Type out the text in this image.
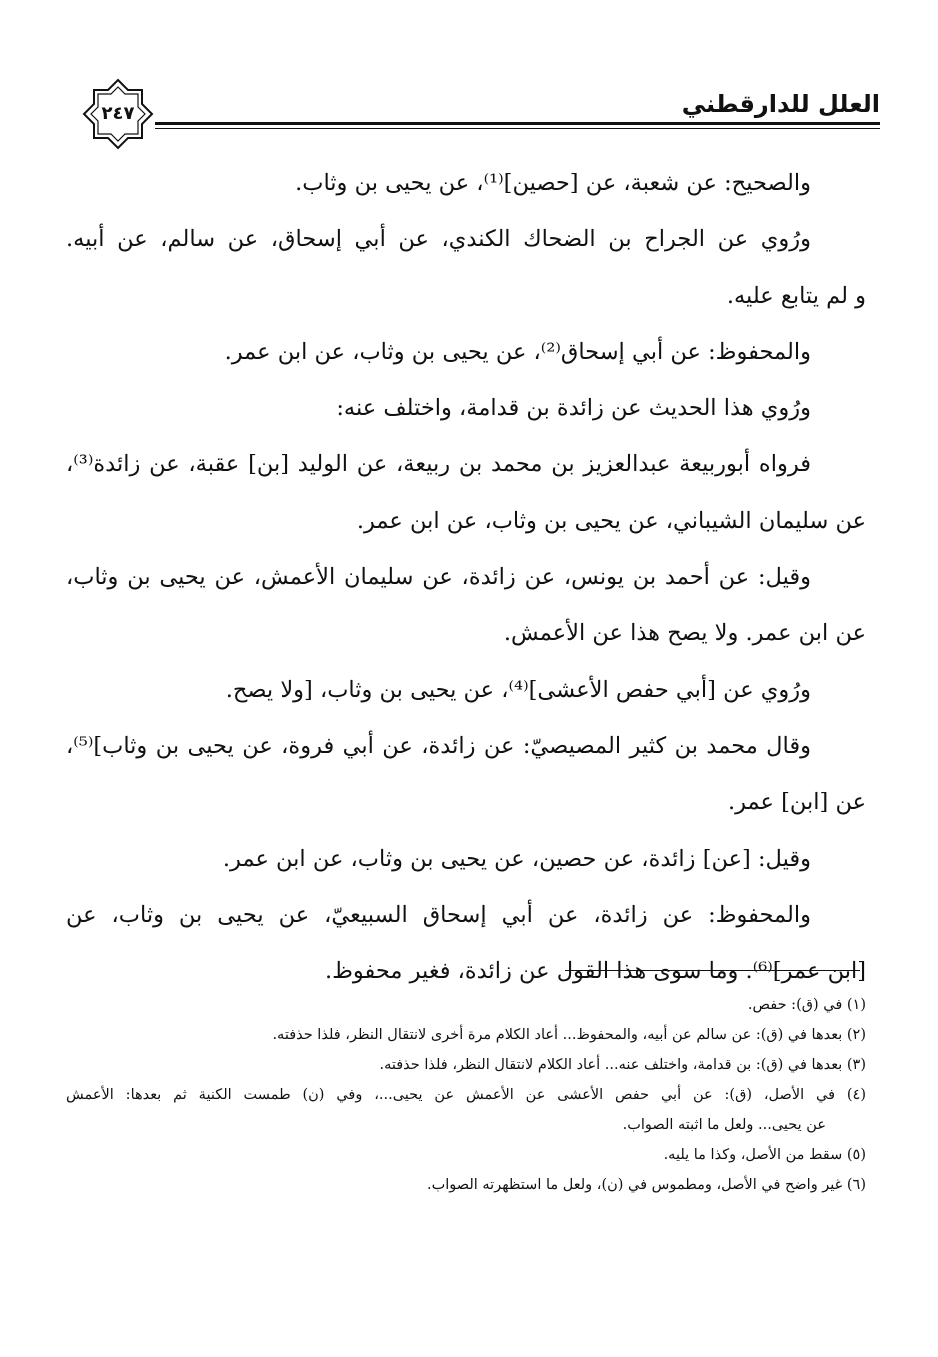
العلل للدارقطني
٢٤٧
والصحيح: عن شعبة، عن [حصين]⁽¹⁾، عن يحيى بن وثاب.
ورُوي عن الجراح بن الضحاك الكندي، عن أبي إسحاق، عن سالم، عن أبيه.
و لم يتابع عليه.
والمحفوظ: عن أبي إسحاق⁽²⁾، عن يحيى بن وثاب، عن ابن عمر.
ورُوي هذا الحديث عن زائدة بن قدامة، واختلف عنه:
فرواه أبوربيعة عبدالعزيز بن محمد بن ربيعة، عن الوليد [بن] عقبة، عن زائدة⁽³⁾،
عن سليمان الشيباني، عن يحيى بن وثاب، عن ابن عمر.
وقيل: عن أحمد بن يونس، عن زائدة، عن سليمان الأعمش، عن يحيى بن وثاب،
عن ابن عمر. ولا يصح هذا عن الأعمش.
ورُوي عن [أبي حفص الأعشى]⁽⁴⁾، عن يحيى بن وثاب، [ولا يصح.
وقال محمد بن كثير المصيصيّ: عن زائدة، عن أبي فروة، عن يحيى بن وثاب]⁽⁵⁾،
عن [ابن] عمر.
وقيل: [عن] زائدة، عن حصين، عن يحيى بن وثاب، عن ابن عمر.
والمحفوظ: عن زائدة، عن أبي إسحاق السبيعيّ، عن يحيى بن وثاب، عن
[ابن عمر]⁽⁶⁾. وما سوى هذا القول عن زائدة، فغير محفوظ.
(١) في (ق): حفص.
(٢) بعدها في (ق): عن سالم عن أبيه، والمحفوظ... أعاد الكلام مرة أخرى لانتقال النظر، فلذا حذفته.
(٣) بعدها في (ق): بن قدامة، واختلف عنه... أعاد الكلام لانتقال النظر، فلذا حذفته.
(٤) في الأصل، (ق): عن أبي حفص الأعشى عن الأعمش عن يحيى...، وفي (ن) طمست الكنية ثم بعدها: الأعمش
عن يحيى... ولعل ما اثبته الصواب.
(٥) سقط من الأصل، وكذا ما يليه.
(٦) غير واضح في الأصل، ومطموس في (ن)، ولعل ما استظهرته الصواب.
